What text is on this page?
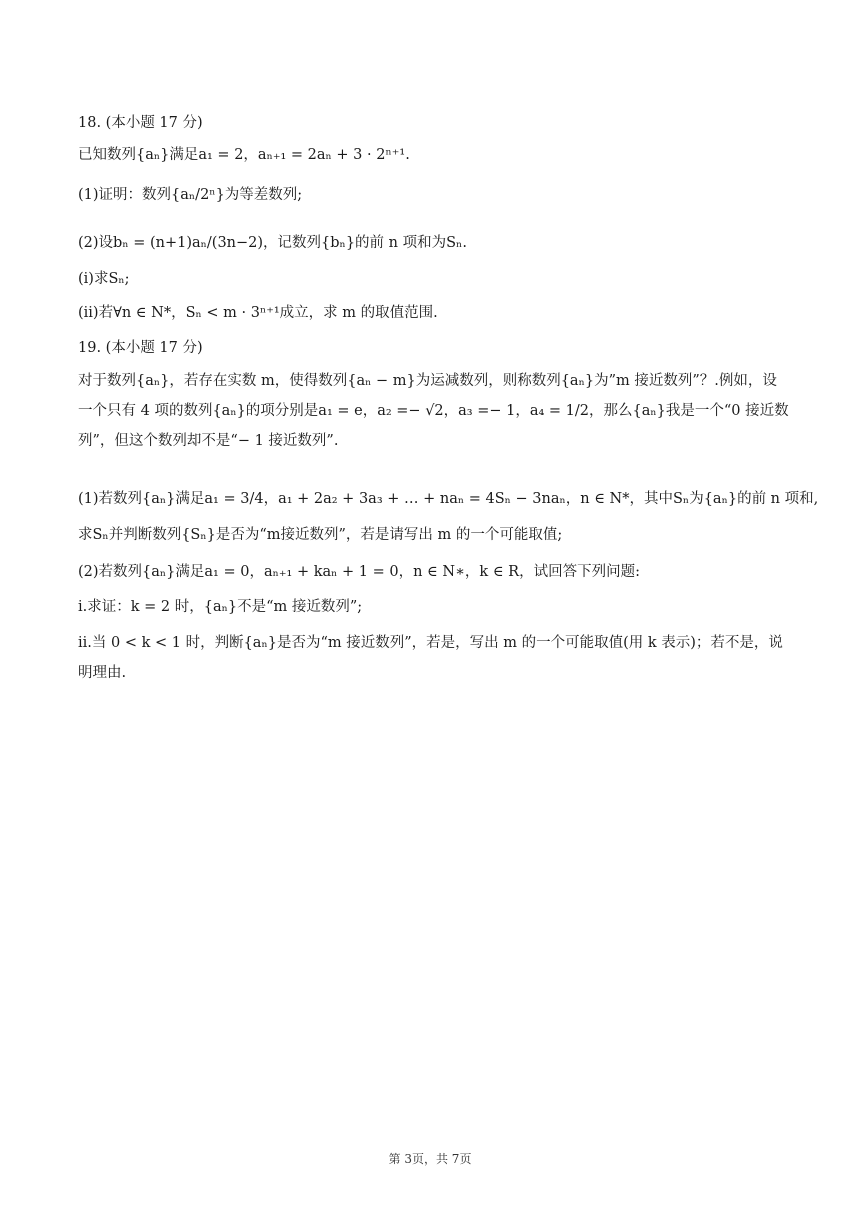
18. (本小题 17 分)
已知数列{aₙ}满足a₁ = 2，aₙ₊₁ = 2aₙ + 3 · 2ⁿ⁺¹.
(1)证明：数列{aₙ/2ⁿ}为等差数列;
(2)设bₙ = (n+1)aₙ/(3n−2)，记数列{bₙ}的前 n 项和为Sₙ.
(i)求Sₙ;
(ii)若∀n ∈ N*，Sₙ < m · 3ⁿ⁺¹成立，求 m 的取值范围.
19. (本小题 17 分)
对于数列{aₙ}，若存在实数 m，使得数列{aₙ − m}为运减数列，则称数列{aₙ}为”m 接近数列”？.例如，设一个只有 4 项的数列{aₙ}的项分别是a₁ = e，a₂ =− √2，a₃ =− 1，a₄ = 1/2，那么{aₙ}我是一个“0 接近数列”，但这个数列却不是“− 1 接近数列”.
(1)若数列{aₙ}满足a₁ = 3/4，a₁ + 2a₂ + 3a₃ + … + naₙ = 4Sₙ − 3naₙ，n ∈ N*，其中Sₙ为{aₙ}的前 n 项和,
求Sₙ并判断数列{Sₙ}是否为“m接近数列”，若是请写出 m 的一个可能取值;
(2)若数列{aₙ}满足a₁ = 0，aₙ₊₁ + kaₙ + 1 = 0，n ∈ N∗，k ∈ R，试回答下列问题:
i.求证：k = 2 时，{aₙ}不是“m 接近数列”;
ii.当 0 < k < 1 时，判断{aₙ}是否为“m 接近数列”，若是，写出 m 的一个可能取值(用 k 表示)；若不是，说明理由.
第 3页，共 7页
